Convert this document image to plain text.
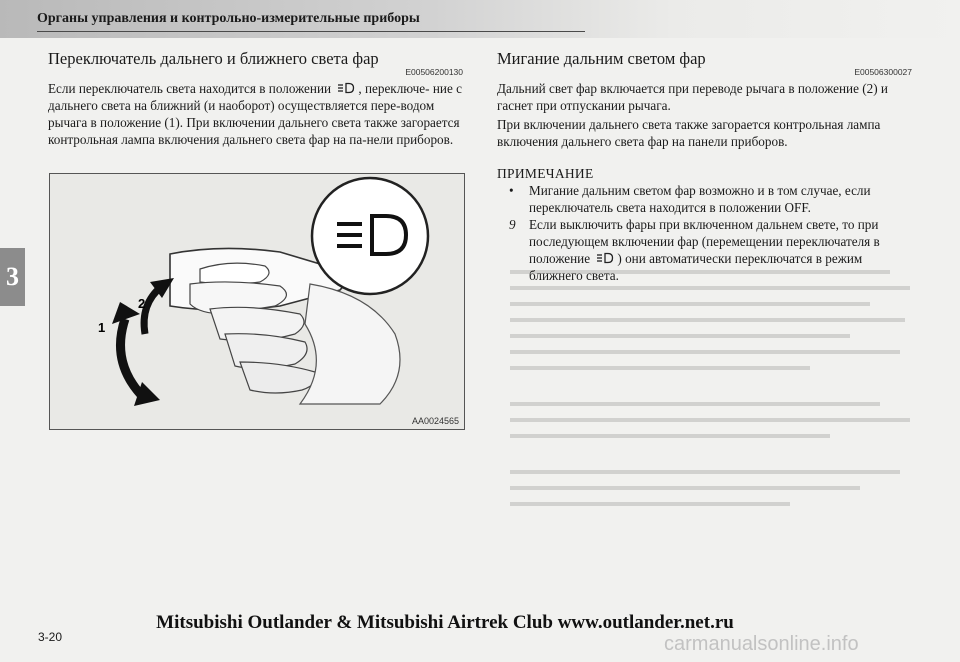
Органы управления и контрольно-измерительные приборы
3
Переключатель дальнего и ближнего света фар
E00506200130
Если переключатель света находится в положении , переключе- ние с дальнего света на ближний (и наоборот) осуществляется пере-водом рычага в положение (1). При включении дальнего света также загорается контрольная лампа включения дальнего света фар на па-нели приборов.
1
2
AA0024565
Мигание дальним светом фар
E00506300027
Дальний свет фар включается при переводе рычага в положение (2) и гаснет при отпускании рычага.
При включении дальнего света также загорается контрольная лампа включения дальнего света фар на панели приборов.
ПРИМЕЧАНИЕ
• Мигание дальним светом фар возможно и в том случае, если переключатель света находится в положении OFF.
9 Если выключить фары при включенном дальнем свете, то при последующем включении фар (перемещении переключателя в положение ) они автоматически переключатся в режим ближнего света.
Mitsubishi Outlander & Mitsubishi Airtrek Club www.outlander.net.ru
3-20	carmanualsonline.info
